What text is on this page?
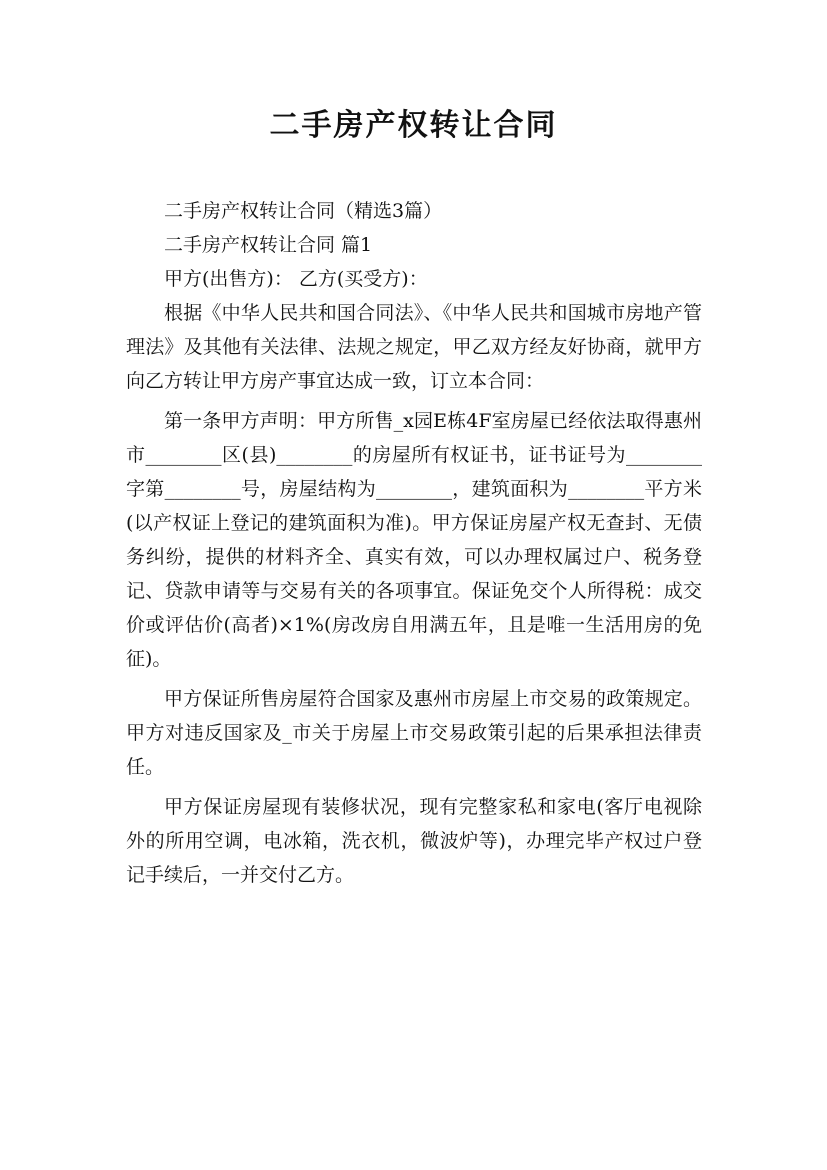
二手房产权转让合同

二手房产权转让合同（精选3篇）

二手房产权转让合同 篇1

甲方(出售方)： 乙方(买受方)：

根据《中华人民共和国合同法》、《中华人民共和国城市房地产管理法》及其他有关法律、法规之规定，甲乙双方经友好协商，就甲方向乙方转让甲方房产事宜达成一致，订立本合同：

第一条甲方声明：甲方所售_x园E栋4F室房屋已经依法取得惠州市________区(县)________的房屋所有权证书，证书证号为________字第________号，房屋结构为________，建筑面积为________平方米(以产权证上登记的建筑面积为准)。甲方保证房屋产权无查封、无债务纠纷，提供的材料齐全、真实有效，可以办理权属过户、税务登记、贷款申请等与交易有关的各项事宜。保证免交个人所得税：成交价或评估价(高者)×1%(房改房自用满五年，且是唯一生活用房的免征)。

甲方保证所售房屋符合国家及惠州市房屋上市交易的政策规定。甲方对违反国家及_市关于房屋上市交易政策引起的后果承担法律责任。

甲方保证房屋现有装修状况，现有完整家私和家电(客厅电视除外的所用空调，电冰箱，洗衣机，微波炉等)，办理完毕产权过户登记手续后，一并交付乙方。
